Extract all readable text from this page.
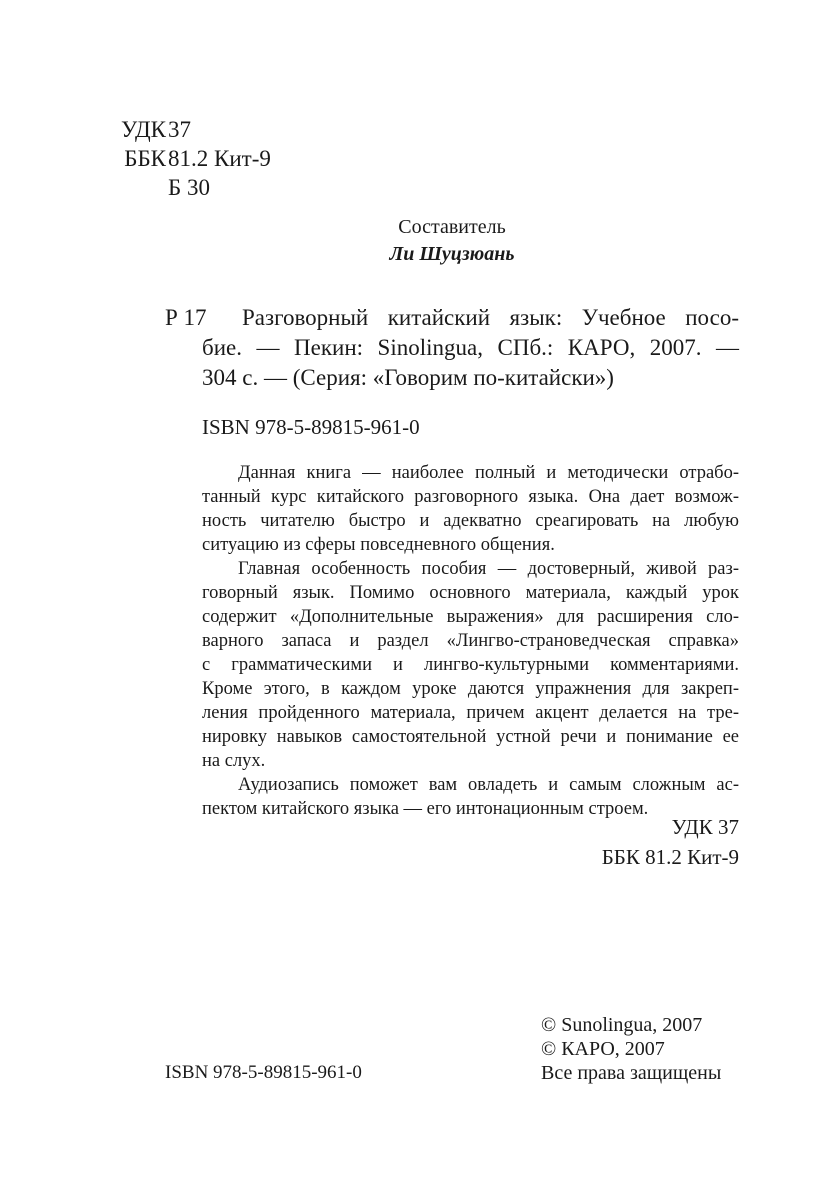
УДК 37
ББК 81.2 Кит-9
Б 30
Составитель
Ли Шуцзюань
Р 17 Разговорный китайский язык: Учебное посо-
бие. — Пекин: Sinolingua, СПб.: КАРО, 2007. —
304 с. — (Серия: «Говорим по-китайски»)
ISBN 978-5-89815-961-0
Данная книга — наиболее полный и методически отрабо-
танный курс китайского разговорного языка. Она дает возмож-
ность читателю быстро и адекватно среагировать на любую
ситуацию из сферы повседневного общения.
Главная особенность пособия — достоверный, живой раз-
говорный язык. Помимо основного материала, каждый урок
содержит «Дополнительные выражения» для расширения сло-
варного запаса и раздел «Лингво-страноведческая справка»
с грамматическими и лингво-культурными комментариями.
Кроме этого, в каждом уроке даются упражнения для закреп-
ления пройденного материала, причем акцент делается на тре-
нировку навыков самостоятельной устной речи и понимание ее
на слух.
Аудиозапись поможет вам овладеть и самым сложным ас-
пектом китайского языка — его интонационным строем.
УДК 37
ББК 81.2 Кит-9
© Sunolingua, 2007
© КАРО, 2007
Все права защищены
ISBN 978-5-89815-961-0
